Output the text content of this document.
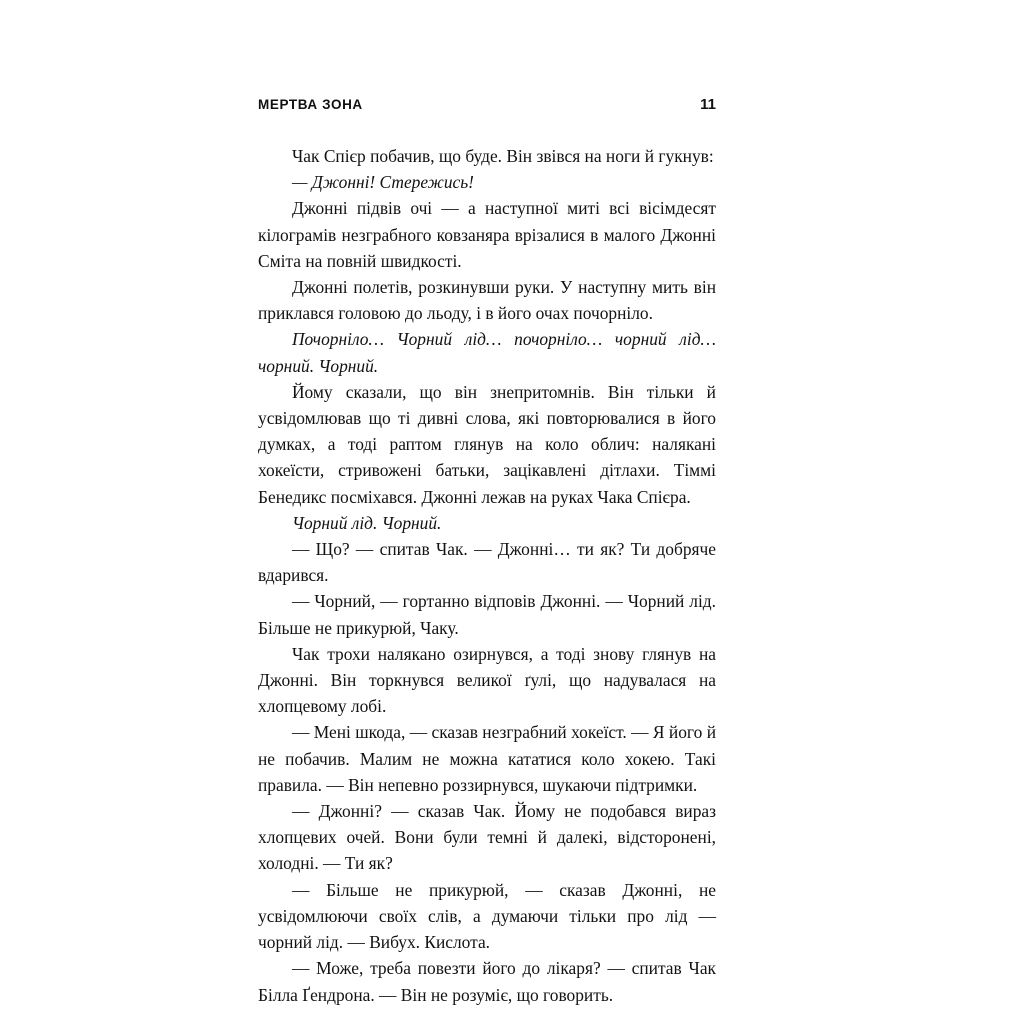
МЕРТВА ЗОНА	11

Чак Спієр побачив, що буде. Він звівся на ноги й гукнув:

— Джонні! Стережись!

Джонні підвів очі — а наступної миті всі вісімдесят кілограмів незграбного ковзаняра врізалися в малого Джонні Сміта на повній швидкості.

Джонні полетів, розкинувши руки. У наступну мить він приклався головою до льоду, і в його очах почорніло.

Почорніло… Чорний лід… почорніло… чорний лід… чорний. Чорний.

Йому сказали, що він знепритомнів. Він тільки й усвідомлював що ті дивні слова, які повторювалися в його думках, а тоді раптом глянув на коло облич: налякані хокеїсти, стривожені батьки, зацікавлені дітлахи. Тіммі Бенедикс посміхався. Джонні лежав на руках Чака Спієра.

Чорний лід. Чорний.

— Що? — спитав Чак. — Джонні… ти як? Ти добряче вдарився.

— Чорний, — гортанно відповів Джонні. — Чорний лід. Більше не прикурюй, Чаку.

Чак трохи налякано озирнувся, а тоді знову глянув на Джонні. Він торкнувся великої ґулі, що надувалася на хлопцевому лобі.

— Мені шкода, — сказав незграбний хокеїст. — Я його й не побачив. Малим не можна кататися коло хокею. Такі правила. — Він непевно роззирнувся, шукаючи підтримки.

— Джонні? — сказав Чак. Йому не подобався вираз хлопцевих очей. Вони були темні й далекі, відсторонені, холодні. — Ти як?

— Більше не прикурюй, — сказав Джонні, не усвідомлюючи своїх слів, а думаючи тільки про лід — чорний лід. — Вибух. Кислота.

— Може, треба повезти його до лікаря? — спитав Чак Білла Ґендрона. — Він не розуміє, що говорить.
